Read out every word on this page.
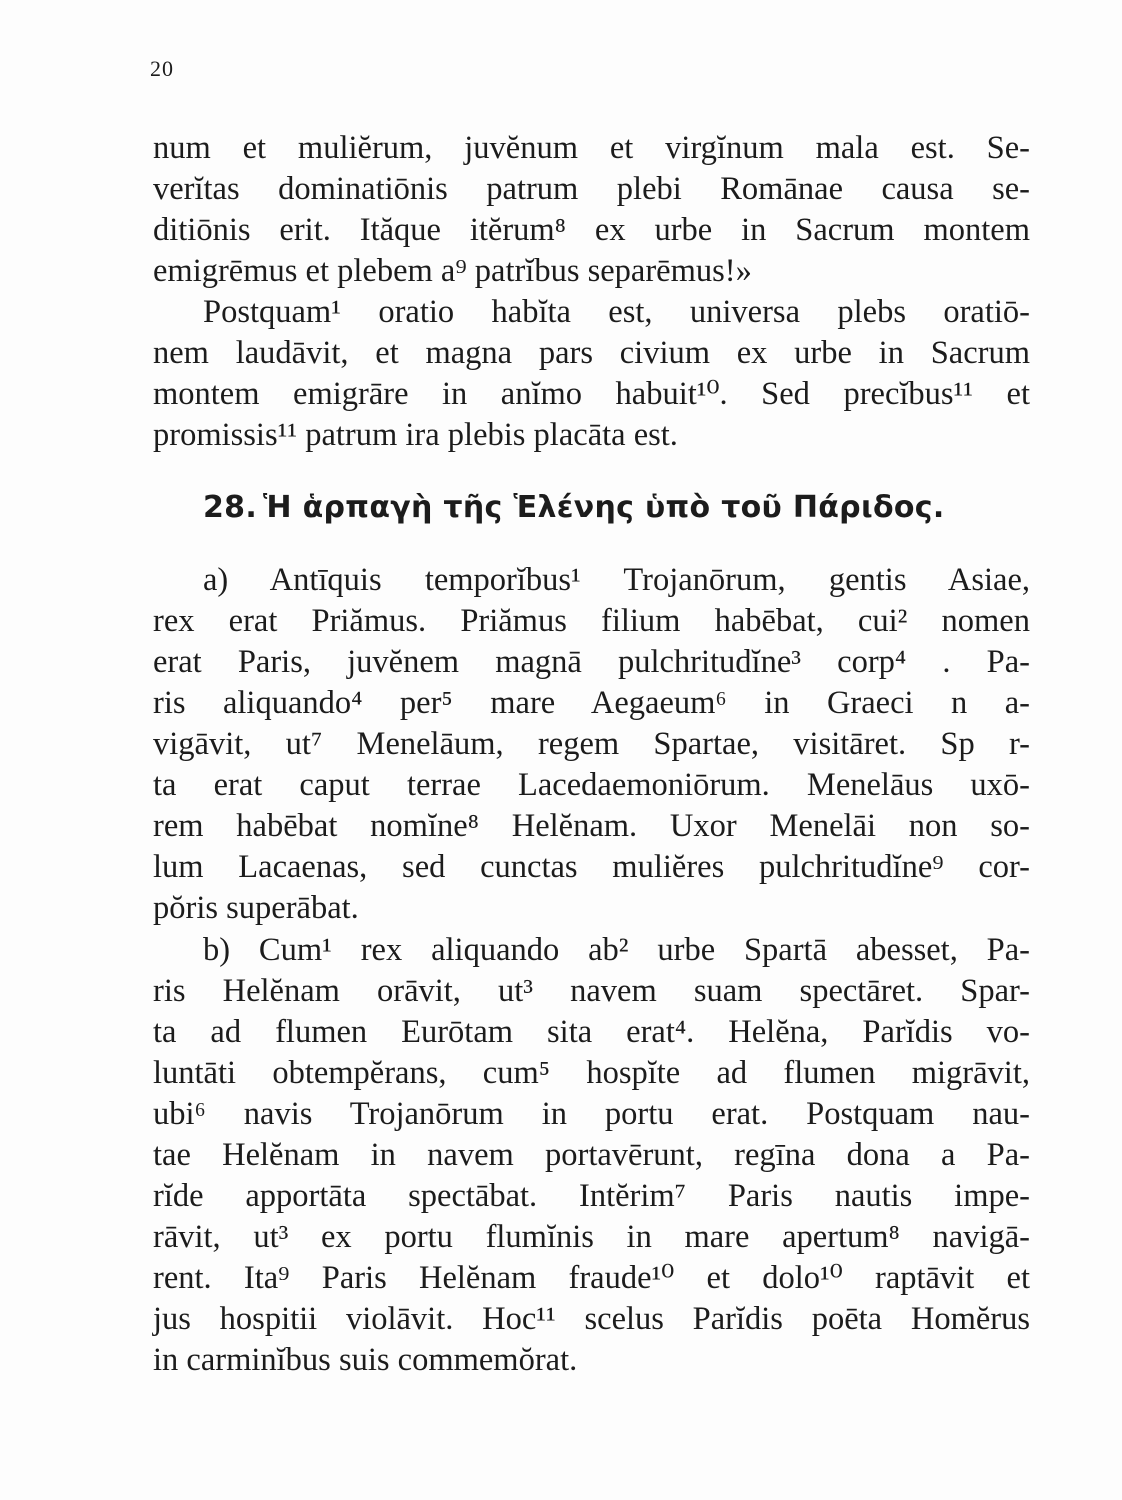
20
num et muliĕrum, juvĕnum et virgĭnum mala est. Se-
verĭtas dominatiōnis patrum plebi Romānae causa se-
ditiōnis erit. Ităque itĕrum⁸ ex urbe in Sacrum montem
emigrēmus et plebem a⁹ patrĭbus separēmus!»
Postquam¹ oratio habĭta est, universa plebs oratiō-
nem laudāvit, et magna pars civium ex urbe in Sacrum
montem emigrāre in anĭmo habuit¹⁰. Sed precĭbus¹¹ et
promissis¹¹ patrum ira plebis placāta est.
28. Ἡ ἁρπαγὴ τῆς Ἑλένης ὑπὸ τοῦ Πάριδος.
a) Antīquis temporĭbus¹ Trojanōrum, gentis Asiae,
rex erat Priămus. Priămus filium habēbat, cui² nomen
erat Paris, juvĕnem magnā pulchritudĭne³ corp⁴ . Pa-
ris aliquando⁴ per⁵ mare Aegaeum⁶ in Graeci n a-
vigāvit, ut⁷ Menelāum, regem Spartae, visitāret. Sp r-
ta erat caput terrae Lacedaemoniōrum. Menelāus uxō-
rem habēbat nomĭne⁸ Helĕnam. Uxor Menelāi non so-
lum Lacaenas, sed cunctas muliĕres pulchritudĭne⁹ cor-
pŏris superābat.
b) Cum¹ rex aliquando ab² urbe Spartā abesset, Pa-
ris Helĕnam orāvit, ut³ navem suam spectāret. Spar-
ta ad flumen Eurōtam sita erat⁴. Helĕna, Parĭdis vo-
luntāti obtempĕrans, cum⁵ hospĭte ad flumen migrāvit,
ubi⁶ navis Trojanōrum in portu erat. Postquam nau-
tae Helĕnam in navem portavērunt, regīna dona a Pa-
rĭde apportāta spectābat. Intĕrim⁷ Paris nautis impe-
rāvit, ut³ ex portu flumĭnis in mare apertum⁸ navigā-
rent. Ita⁹ Paris Helĕnam fraude¹⁰ et dolo¹⁰ raptāvit et
jus hospitii violāvit. Hoc¹¹ scelus Parĭdis poēta Homĕrus
in carminĭbus suis commemŏrat.
